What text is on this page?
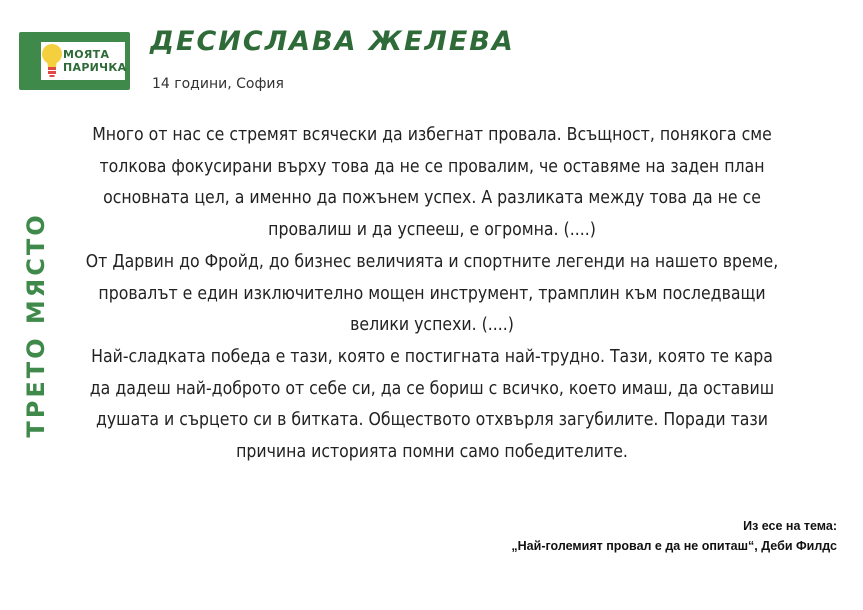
МОЯТА
ПАРИЧКА
ДЕСИСЛАВА ЖЕЛЕВА
14 години, София
ТРЕТО МЯСТО

Много от нас се стремят всячески да избегнат провала. Всъщност, понякога сме толкова фокусирани върху това да не се провалим, че оставяме на заден план основната цел, а именно да пожънем успех. А разликата между това да не се провалиш и да успееш, е огромна. (....)

От Дарвин до Фройд, до бизнес величията и спортните легенди на нашето време, провалът е един изключително мощен инструмент, трамплин към последващи велики успехи. (....)

Най-сладката победа е тази, която е постигната най-трудно. Тази, която те кара да дадеш най-доброто от себе си, да се бориш с всичко, което имаш, да оставиш душата и сърцето си в битката. Обществото отхвърля загубилите. Поради тази причина историята помни само победителите.

Из есе на тема:
„Най-големият провал е да не опиташ“, Деби Филдс
